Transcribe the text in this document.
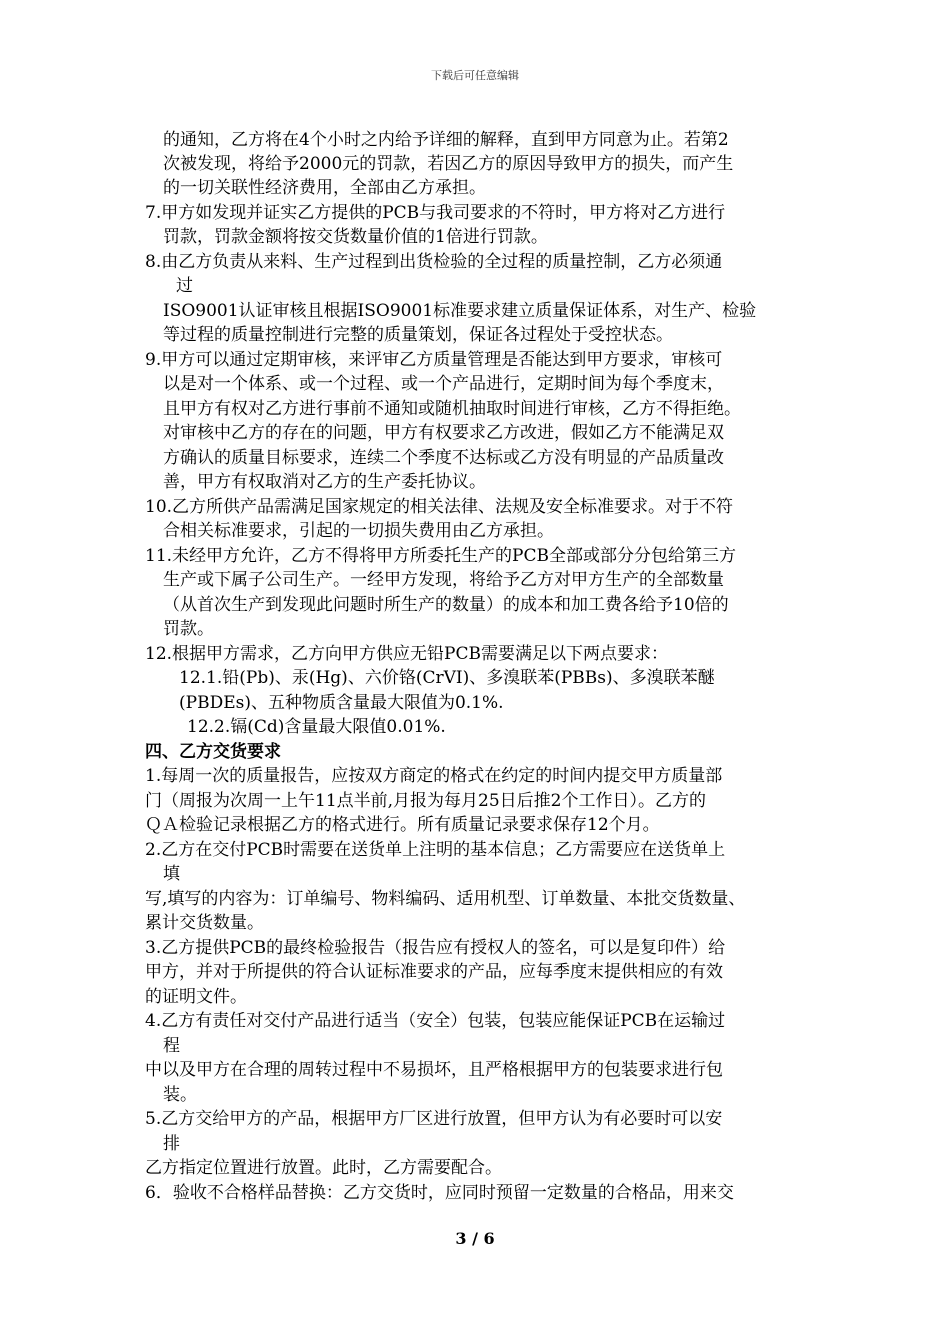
下载后可任意编辑
的通知，乙方将在4个小时之内给予详细的解释，直到甲方同意为止。若第2
次被发现，将给予2000元的罚款，若因乙方的原因导致甲方的损失，而产生
的一切关联性经济费用，全部由乙方承担。
7.甲方如发现并证实乙方提供的PCB与我司要求的不符时，甲方将对乙方进行
罚款，罚款金额将按交货数量价值的1倍进行罚款。
8.由乙方负责从来料、生产过程到出货检验的全过程的质量控制，乙方必须通
过
ISO9001认证审核且根据ISO9001标准要求建立质量保证体系，对生产、检验
等过程的质量控制进行完整的质量策划，保证各过程处于受控状态。
9.甲方可以通过定期审核，来评审乙方质量管理是否能达到甲方要求，审核可
以是对一个体系、或一个过程、或一个产品进行，定期时间为每个季度末，
且甲方有权对乙方进行事前不通知或随机抽取时间进行审核，乙方不得拒绝。
对审核中乙方的存在的问题，甲方有权要求乙方改进，假如乙方不能满足双
方确认的质量目标要求，连续二个季度不达标或乙方没有明显的产品质量改
善，甲方有权取消对乙方的生产委托协议。
10.乙方所供产品需满足国家规定的相关法律、法规及安全标准要求。对于不符
合相关标准要求，引起的一切损失费用由乙方承担。
11.未经甲方允许，乙方不得将甲方所委托生产的PCB全部或部分分包给第三方
生产或下属子公司生产。一经甲方发现，将给予乙方对甲方生产的全部数量
（从首次生产到发现此问题时所生产的数量）的成本和加工费各给予10倍的
罚款。
12.根据甲方需求，乙方向甲方供应无铅PCB需要满足以下两点要求：
12.1.铅(Pb)、汞(Hg)、六价铬(CrVI)、多溴联苯(PBBs)、多溴联苯醚
(PBDEs)、五种物质含量最大限值为0.1%.
12.2.镉(Cd)含量最大限值0.01%.
四、乙方交货要求
1.每周一次的质量报告，应按双方商定的格式在约定的时间内提交甲方质量部
门（周报为次周一上午11点半前,月报为每月25日后推2个工作日）。乙方的
ＱＡ检验记录根据乙方的格式进行。所有质量记录要求保存12个月。
2.乙方在交付PCB时需要在送货单上注明的基本信息；乙方需要应在送货单上
填
写,填写的内容为：订单编号、物料编码、适用机型、订单数量、本批交货数量、
累计交货数量。
3.乙方提供PCB的最终检验报告（报告应有授权人的签名，可以是复印件）给
甲方，并对于所提供的符合认证标准要求的产品，应每季度末提供相应的有效
的证明文件。
4.乙方有责任对交付产品进行适当（安全）包装，包装应能保证PCB在运输过
程
中以及甲方在合理的周转过程中不易损坏，且严格根据甲方的包装要求进行包
装。
5.乙方交给甲方的产品，根据甲方厂区进行放置，但甲方认为有必要时可以安
排
乙方指定位置进行放置。此时，乙方需要配合。
6．验收不合格样品替换：乙方交货时，应同时预留一定数量的合格品，用来交
3 / 6
